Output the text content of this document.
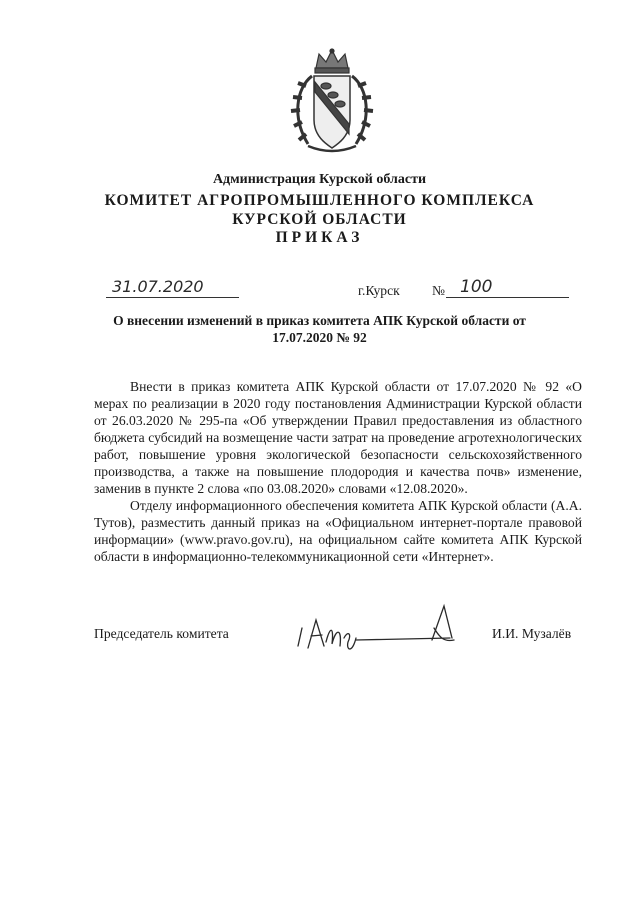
Администрация Курской области
КОМИТЕТ АГРОПРОМЫШЛЕННОГО КОМПЛЕКСА
КУРСКОЙ ОБЛАСТИ
ПРИКАЗ
31.07.2020	г.Курск № 100
О внесении изменений в приказ комитета АПК Курской области от
17.07.2020 № 92

Внести в приказ комитета АПК Курской области от 17.07.2020 № 92 «О мерах по реализации в 2020 году постановления Администрации Курской области от 26.03.2020 № 295-па «Об утверждении Правил предоставления из областного бюджета субсидий на возмещение части затрат на проведение агротехнологических работ, повышение уровня экологической безопасности сельскохозяйственного производства, а также на повышение плодородия и качества почв» изменение, заменив в пункте 2 слова «по 03.08.2020» словами «12.08.2020».

Отделу информационного обеспечения комитета АПК Курской области (А.А. Тутов), разместить данный приказ на «Официальном интернет-портале правовой информации» (www.pravo.gov.ru), на официальном сайте комитета АПК Курской области в информационно-телекоммуникационной сети «Интернет».

Председатель комитета	И.И. Музалёв
